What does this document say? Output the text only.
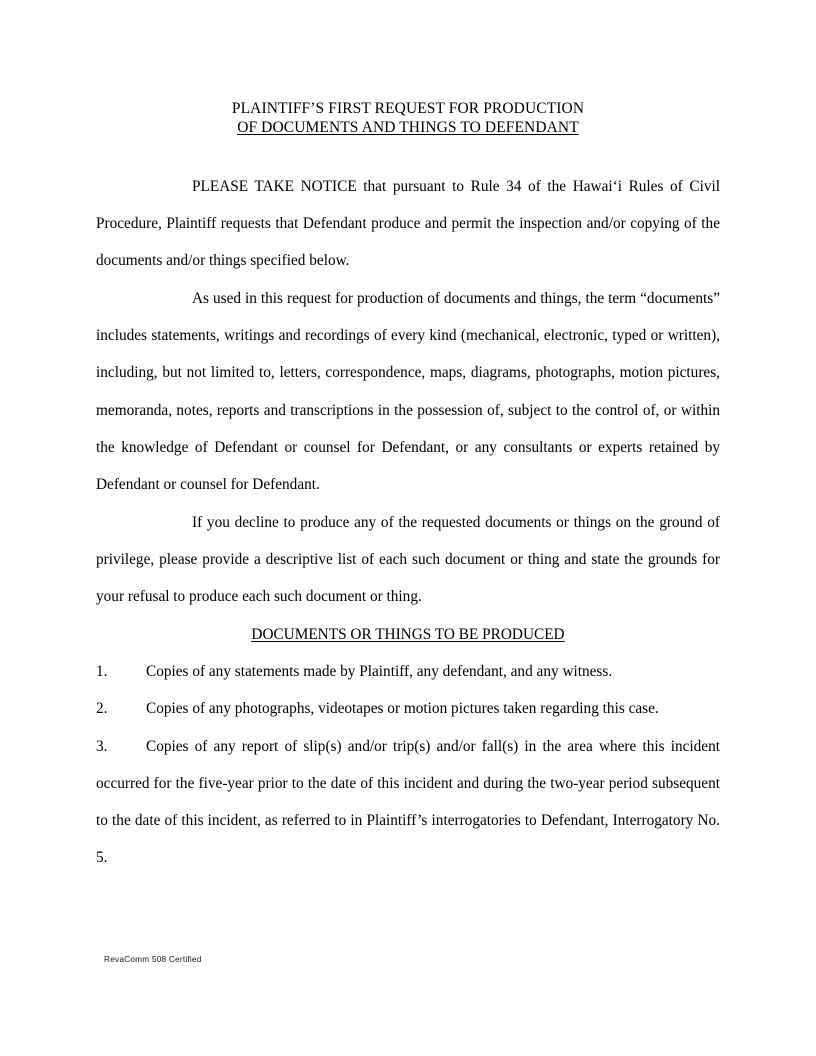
PLAINTIFF’S FIRST REQUEST FOR PRODUCTION
OF DOCUMENTS AND THINGS TO DEFENDANT

PLEASE TAKE NOTICE that pursuant to Rule 34 of the Hawai‘i Rules of Civil Procedure, Plaintiff requests that Defendant produce and permit the inspection and/or copying of the documents and/or things specified below.

As used in this request for production of documents and things, the term “documents” includes statements, writings and recordings of every kind (mechanical, electronic, typed or written), including, but not limited to, letters, correspondence, maps, diagrams, photographs, motion pictures, memoranda, notes, reports and transcriptions in the possession of, subject to the control of, or within the knowledge of Defendant or counsel for Defendant, or any consultants or experts retained by Defendant or counsel for Defendant.

If you decline to produce any of the requested documents or things on the ground of privilege, please provide a descriptive list of each such document or thing and state the grounds for your refusal to produce each such document or thing.

DOCUMENTS OR THINGS TO BE PRODUCED

1.	Copies of any statements made by Plaintiff, any defendant, and any witness.

2.	Copies of any photographs, videotapes or motion pictures taken regarding this case.

3.	Copies of any report of slip(s) and/or trip(s) and/or fall(s) in the area where this incident occurred for the five-year prior to the date of this incident and during the two-year period subsequent to the date of this incident, as referred to in Plaintiff’s interrogatories to Defendant, Interrogatory No. 5.

RevaComm 508 Certified
